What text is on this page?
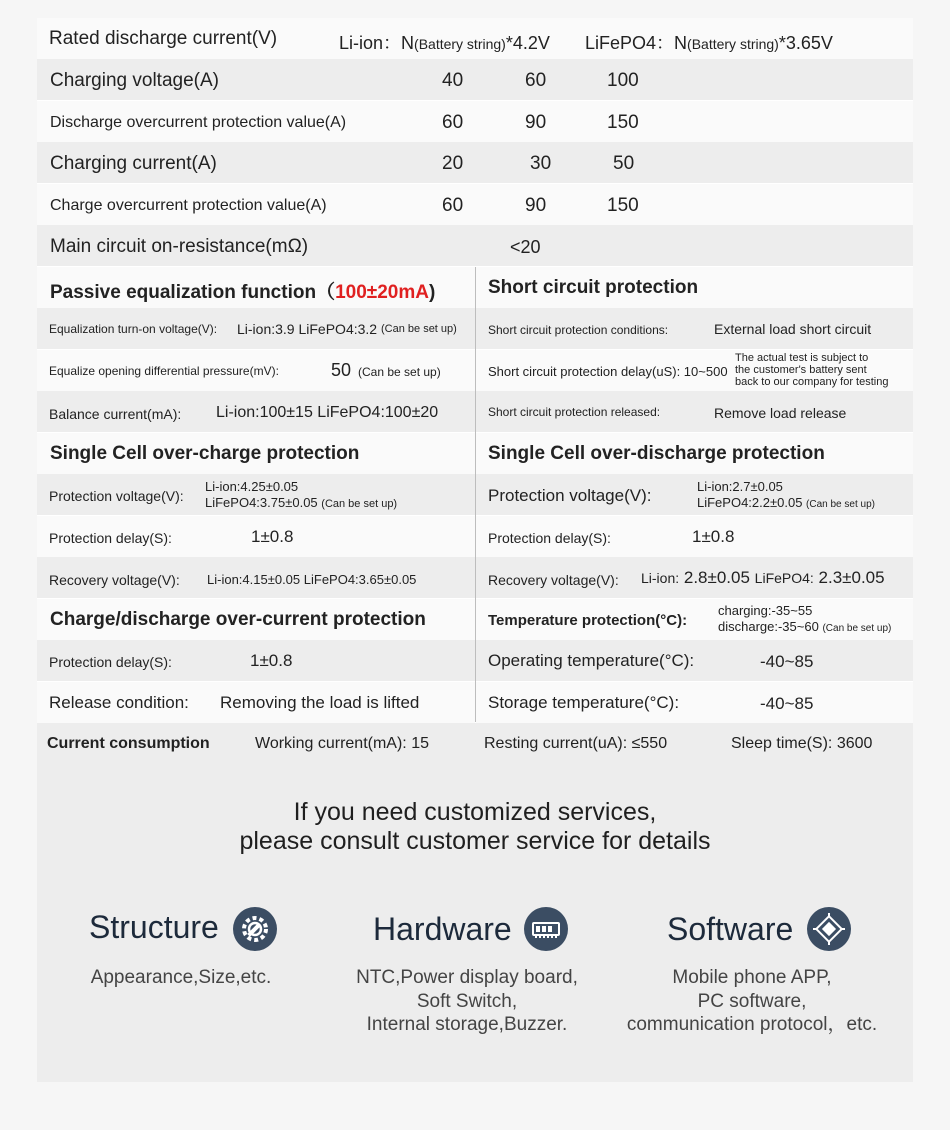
Rated discharge current(V)	Li-ion：N(Battery string)*4.2V LiFePO4：N(Battery string)*3.65V
Charging voltage(A)	40	60	100
Discharge overcurrent protection value(A)	60	90	150
Charging current(A)	20	30	50
Charge overcurrent protection value(A)	60	90	150
Main circuit on-resistance(mΩ)	<20
Passive equalization function（100±20mA)
Equalization turn-on voltage(V): Li-ion:3.9 LiFePO4:3.2 (Can be set up)
Equalize opening differential pressure(mV):	50 (Can be set up)
Balance current(mA): Li-ion:100±15 LiFePO4:100±20
Single Cell over-charge protection
Protection voltage(V):
Li-ion:4.25±0.05
LiFePO4:3.75±0.05 (Can be set up)
Protection delay(S):	1±0.8
Recovery voltage(V): Li-ion:4.15±0.05 LiFePO4:3.65±0.05
Charge/discharge over-current protection
Protection delay(S):	1±0.8
Release condition: Removing the load is lifted
Short circuit protection
Short circuit protection conditions:	External load short circuit
Short circuit protection delay(uS): 10~500
The actual test is subject to
the customer's battery sent
back to our company for testing
Short circuit protection released:	Remove load release
Single Cell over-discharge protection
Protection voltage(V):	Li-ion:2.7±0.05
LiFePO4:2.2±0.05 (Can be set up)
Protection delay(S):	1±0.8
Recovery voltage(V): Li-ion: 2.8±0.05 LiFePO4: 2.3±0.05
Temperature protection(°C):
charging:-35~55
discharge:-35~60 (Can be set up)
Operating temperature(°C):	-40~85
Storage temperature(°C):	-40~85
Current consumption	Working current(mA): 15	Resting current(uA): ≤550	Sleep time(S): 3600
If you need customized services,
please consult customer service for details
Structure
Appearance,Size,etc.
Hardware
NTC,Power display board,
Soft Switch,
Internal storage,Buzzer.
Software
Mobile phone APP,
PC software,
communication protocol，etc.
